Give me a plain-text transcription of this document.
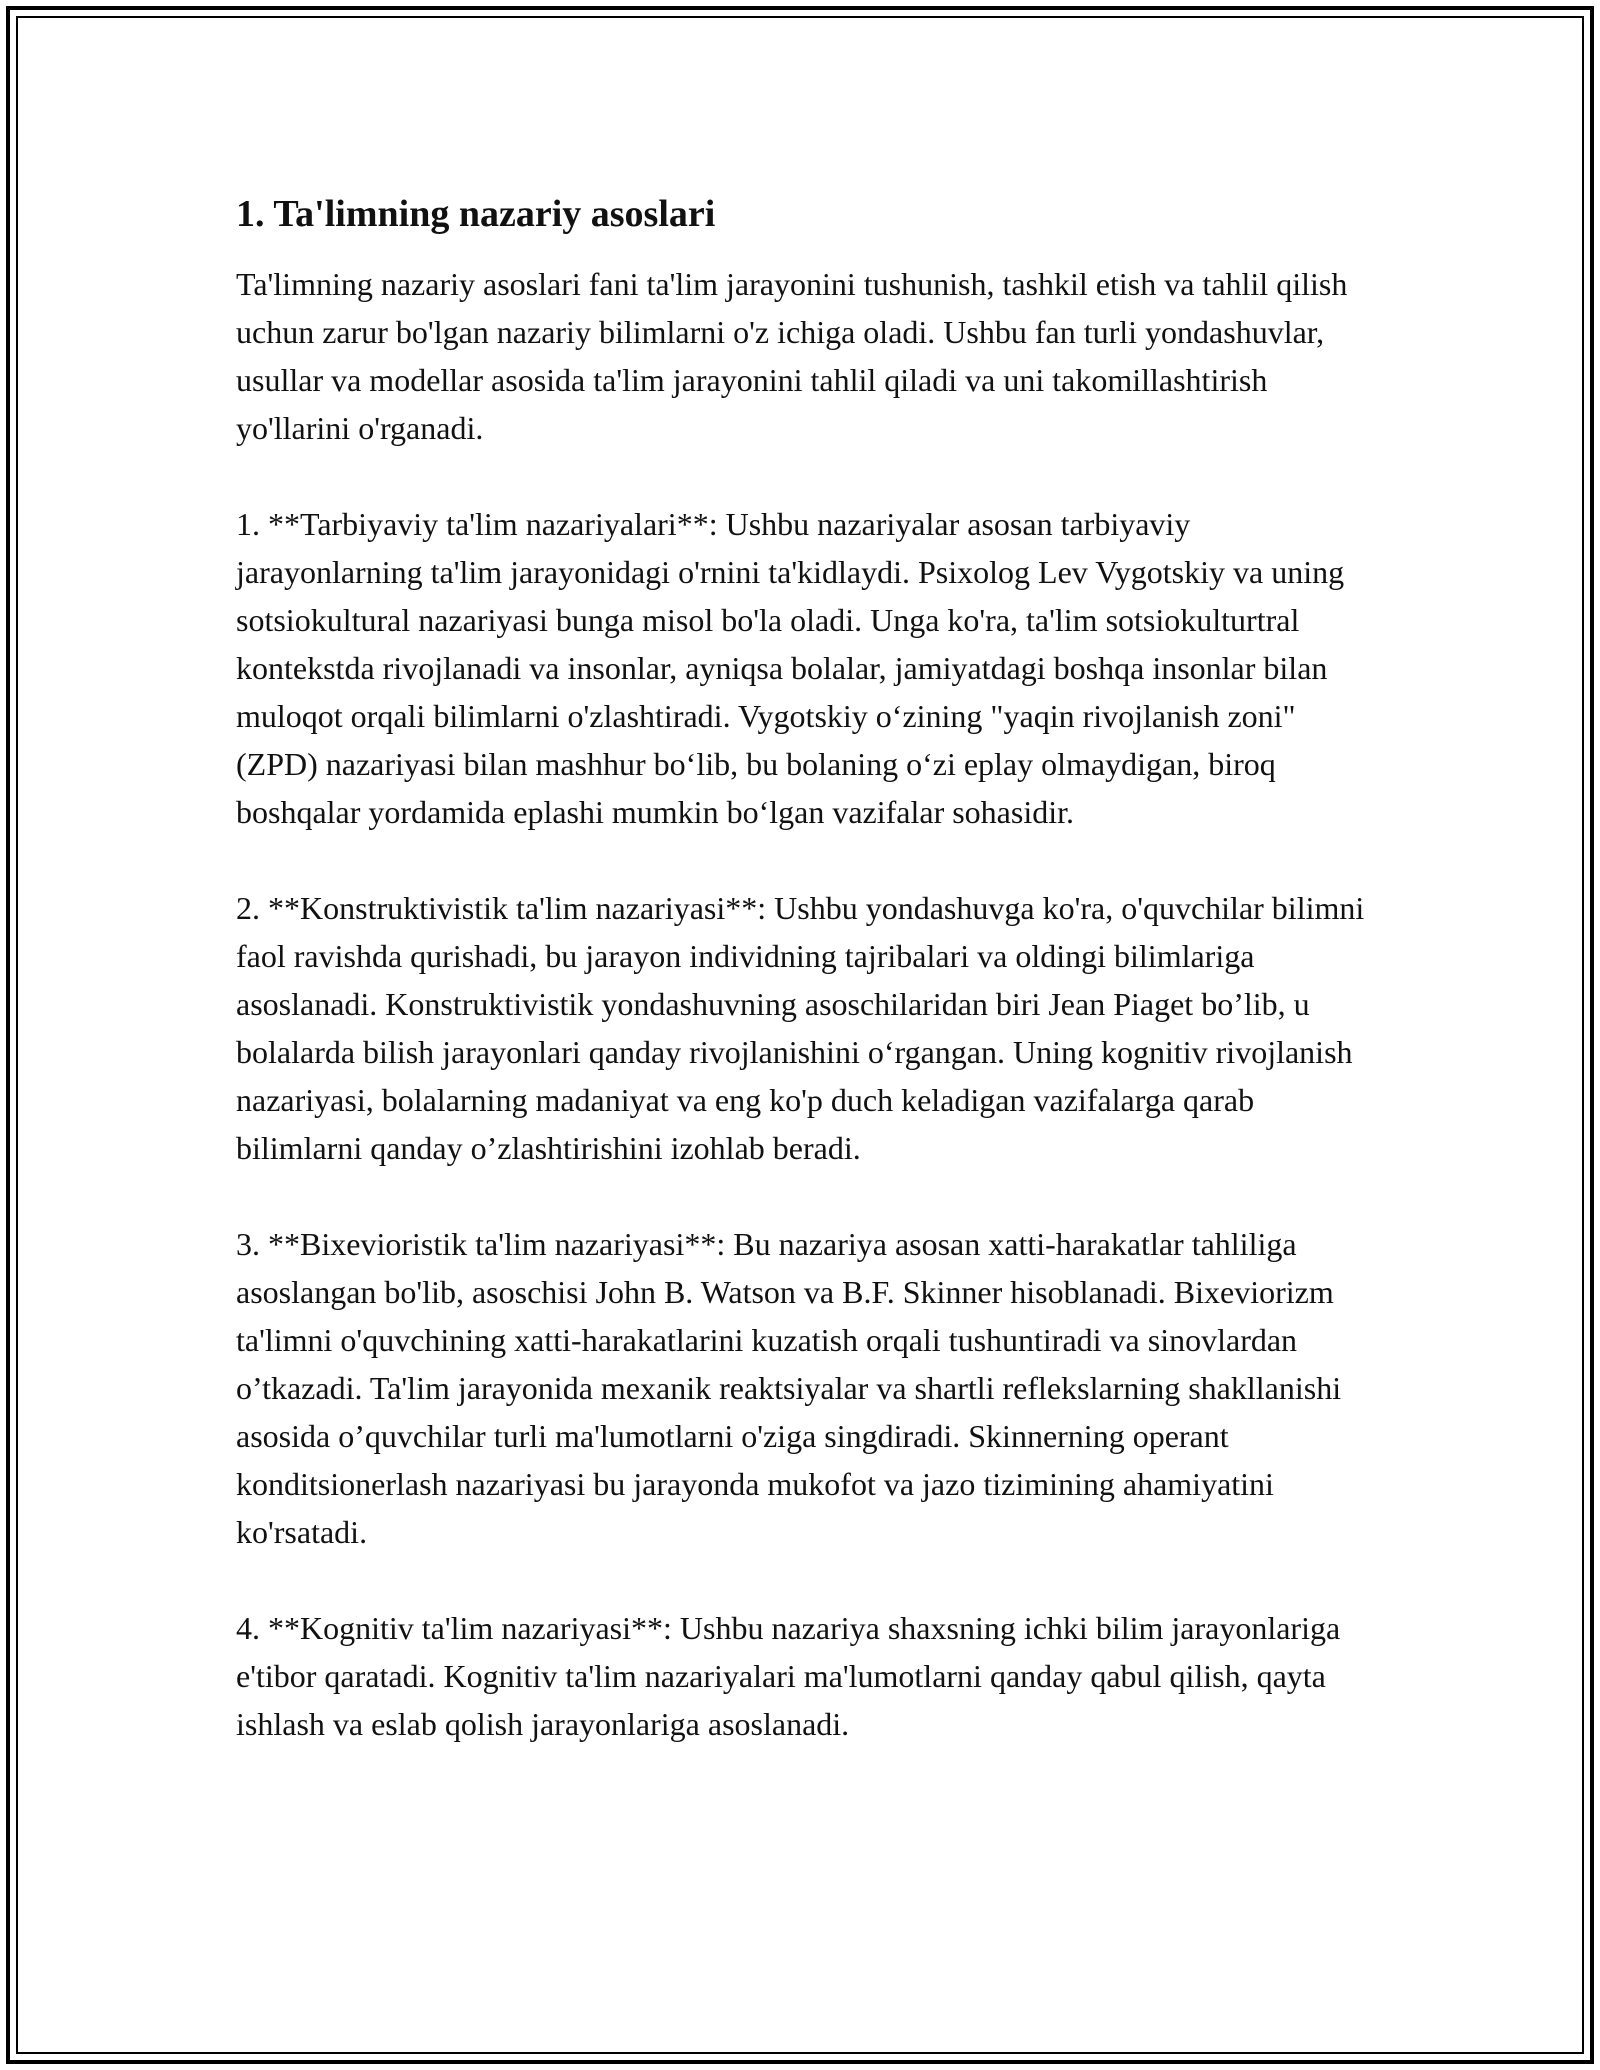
1. Ta'limning nazariy asoslari

Ta'limning nazariy asoslari fani ta'lim jarayonini tushunish, tashkil etish va tahlil qilish uchun zarur bo'lgan nazariy bilimlarni o'z ichiga oladi. Ushbu fan turli yondashuvlar, usullar va modellar asosida ta'lim jarayonini tahlil qiladi va uni takomillashtirish yo'llarini o'rganadi.

1. **Tarbiyaviy ta'lim nazariyalari**: Ushbu nazariyalar asosan tarbiyaviy jarayonlarning ta'lim jarayonidagi o'rnini ta'kidlaydi. Psixolog Lev Vygotskiy va uning sotsiokultural nazariyasi bunga misol bo'la oladi. Unga ko'ra, ta'lim sotsiokulturtral kontekstda rivojlanadi va insonlar, ayniqsa bolalar, jamiyatdagi boshqa insonlar bilan muloqot orqali bilimlarni o'zlashtiradi. Vygotskiy o‘zining "yaqin rivojlanish zoni" (ZPD) nazariyasi bilan mashhur bo‘lib, bu bolaning o‘zi eplay olmaydigan, biroq boshqalar yordamida eplashi mumkin bo‘lgan vazifalar sohasidir.

2. **Konstruktivistik ta'lim nazariyasi**: Ushbu yondashuvga ko'ra, o'quvchilar bilimni faol ravishda qurishadi, bu jarayon individning tajribalari va oldingi bilimlariga asoslanadi. Konstruktivistik yondashuvning asoschilaridan biri Jean Piaget bo’lib, u bolalarda bilish jarayonlari qanday rivojlanishini o‘rgangan. Uning kognitiv rivojlanish nazariyasi, bolalarning madaniyat va eng ko'p duch keladigan vazifalarga qarab bilimlarni qanday o’zlashtirishini izohlab beradi.

3. **Bixevioristik ta'lim nazariyasi**: Bu nazariya asosan xatti-harakatlar tahliliga asoslangan bo'lib, asoschisi John B. Watson va B.F. Skinner hisoblanadi. Bixeviorizm ta'limni o'quvchining xatti-harakatlarini kuzatish orqali tushuntiradi va sinovlardan o’tkazadi. Ta'lim jarayonida mexanik reaktsiyalar va shartli reflekslarning shakllanishi asosida o’quvchilar turli ma'lumotlarni o'ziga singdiradi. Skinnerning operant konditsionerlash nazariyasi bu jarayonda mukofot va jazo tizimining ahamiyatini ko'rsatadi.

4. **Kognitiv ta'lim nazariyasi**: Ushbu nazariya shaxsning ichki bilim jarayonlariga e'tibor qaratadi. Kognitiv ta'lim nazariyalari ma'lumotlarni qanday qabul qilish, qayta ishlash va eslab qolish jarayonlariga asoslanadi.
